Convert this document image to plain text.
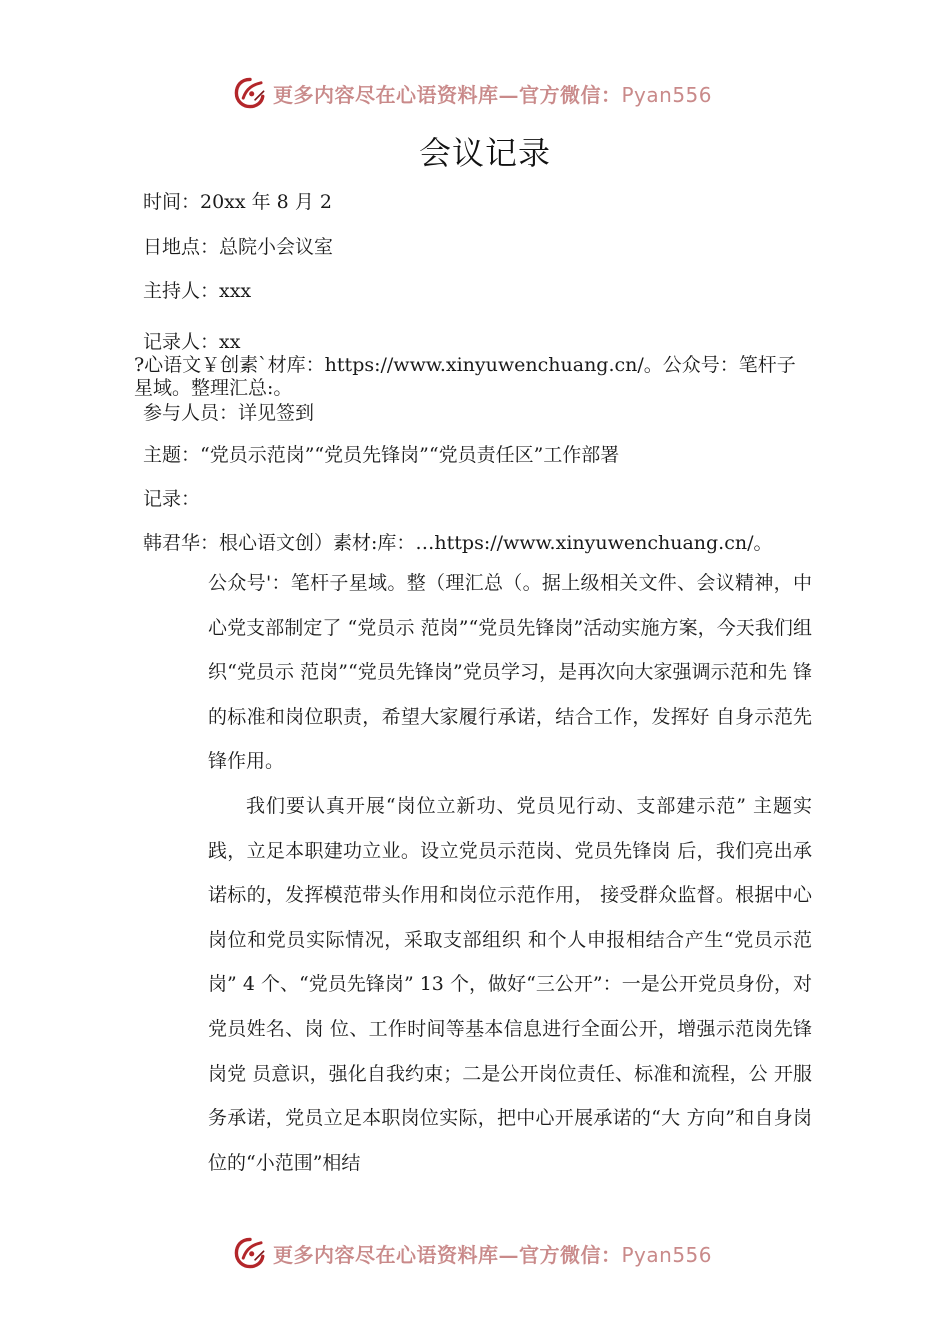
更多内容尽在心语资料库—官方微信：Pyan556
会议记录
时间：20xx 年 8 月 2
日地点：总院小会议室
主持人：xxx
记录人：xx
?心语文￥创素`材库：https://www.xinyuwenchuang.cn/。公众号：笔杆子
星域。整理汇总:。
参与人员：详见签到
主题：“党员示范岗”“党员先锋岗”“党员责任区”工作部署
记录：
韩君华：根心语文创）素材:库：…https://www.xinyuwenchuang.cn/。

公众号'：笔杆子星域。整（理汇总（。据上级相关文件、会议精神，中心党支部制定了 “党员示 范岗”“党员先锋岗”活动实施方案，今天我们组织“党员示 范岗”“党员先锋岗”党员学习，是再次向大家强调示范和先 锋的标准和岗位职责，希望大家履行承诺，结合工作，发挥好 自身示范先锋作用。

我们要认真开展“岗位立新功、党员见行动、支部建示范” 主题实践，立足本职建功立业。设立党员示范岗、党员先锋岗 后，我们亮出承诺标的，发挥模范带头作用和岗位示范作用， 接受群众监督。根据中心岗位和党员实际情况，采取支部组织 和个人申报相结合产生“党员示范岗” 4 个、“党员先锋岗” 13 个，做好“三公开”：一是公开党员身份，对党员姓名、岗 位、工作时间等基本信息进行全面公开，增强示范岗先锋岗党 员意识，强化自我约束；二是公开岗位责任、标准和流程，公 开服务承诺，党员立足本职岗位实际，把中心开展承诺的“大 方向”和自身岗位的“小范围”相结

更多内容尽在心语资料库—官方微信：Pyan556
